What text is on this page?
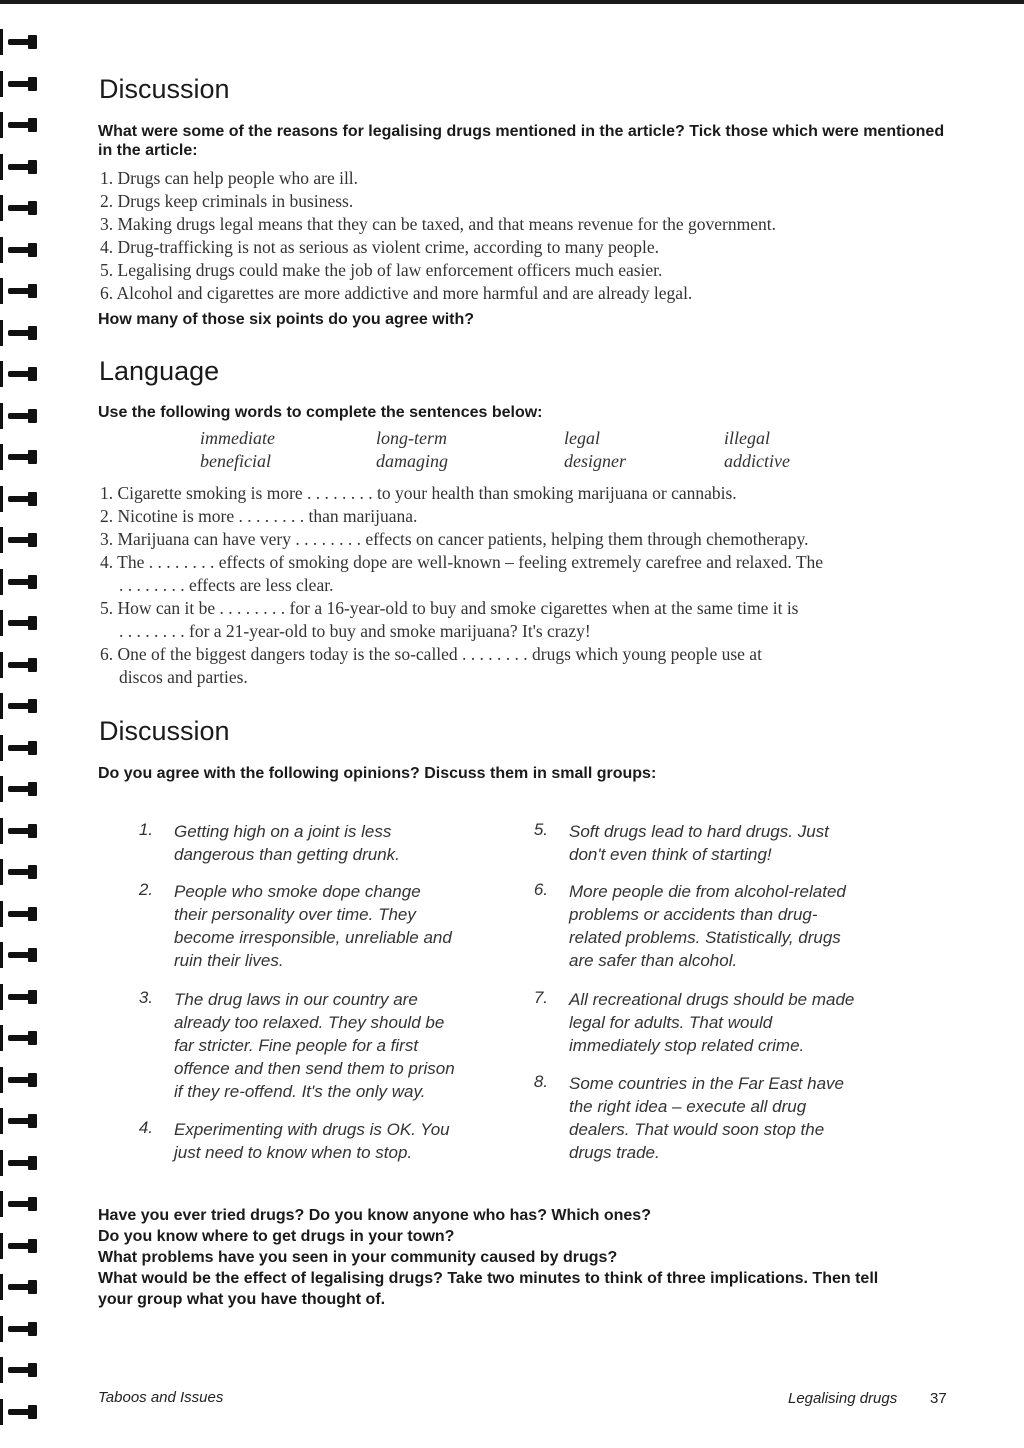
Discussion
What were some of the reasons for legalising drugs mentioned in the article? Tick those which were mentioned in the article:
1. Drugs can help people who are ill.
2. Drugs keep criminals in business.
3. Making drugs legal means that they can be taxed, and that means revenue for the government.
4. Drug-trafficking is not as serious as violent crime, according to many people.
5. Legalising drugs could make the job of law enforcement officers much easier.
6. Alcohol and cigarettes are more addictive and more harmful and are already legal.
How many of those six points do you agree with?
Language
Use the following words to complete the sentences below:
immediate	long-term	legal	illegal
beneficial	damaging	designer	addictive
1. Cigarette smoking is more . . . . . . . . to your health than smoking marijuana or cannabis.
2. Nicotine is more . . . . . . . . than marijuana.
3. Marijuana can have very . . . . . . . . effects on cancer patients, helping them through chemotherapy.
4. The . . . . . . . . effects of smoking dope are well-known – feeling extremely carefree and relaxed. The
. . . . . . . . effects are less clear.
5. How can it be . . . . . . . . for a 16-year-old to buy and smoke cigarettes when at the same time it is
. . . . . . . . for a 21-year-old to buy and smoke marijuana? It's crazy!
6. One of the biggest dangers today is the so-called . . . . . . . . drugs which young people use at
discos and parties.
Discussion
Do you agree with the following opinions? Discuss them in small groups:
1. Getting high on a joint is less
dangerous than getting drunk.
2. People who smoke dope change
their personality over time. They
become irresponsible, unreliable and
ruin their lives.
3. The drug laws in our country are
already too relaxed. They should be
far stricter. Fine people for a first
offence and then send them to prison
if they re-offend. It's the only way.
4. Experimenting with drugs is OK. You
just need to know when to stop.
5. Soft drugs lead to hard drugs. Just
don't even think of starting!
6. More people die from alcohol-related
problems or accidents than drug-
related problems. Statistically, drugs
are safer than alcohol.
7. All recreational drugs should be made
legal for adults. That would
immediately stop related crime.
8. Some countries in the Far East have
the right idea – execute all drug
dealers. That would soon stop the
drugs trade.
Have you ever tried drugs? Do you know anyone who has? Which ones?
Do you know where to get drugs in your town?
What problems have you seen in your community caused by drugs?
What would be the effect of legalising drugs? Take two minutes to think of three implications. Then tell
your group what you have thought of.
Taboos and Issues	Legalising drugs 37
